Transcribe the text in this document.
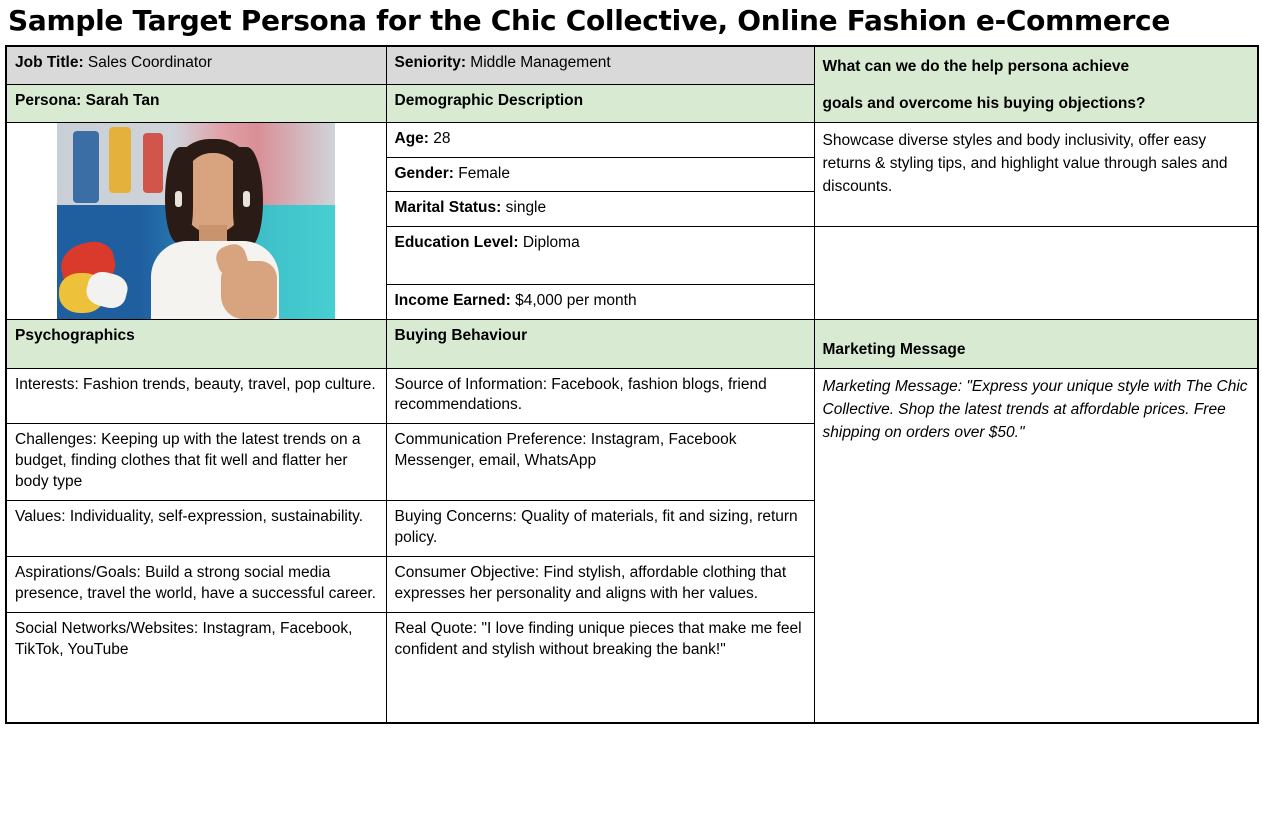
Sample Target Persona for the Chic Collective, Online Fashion e-Commerce
Job Title: Sales Coordinator	Seniority: Middle Management	What can we do the help persona achieve
goals and overcome his buying objections?

Persona: Sarah Tan	Demographic Description	

	Age: 28	Showcase diverse styles and body inclusivity, offer easy returns & styling tips, and highlight value through sales and discounts.

	Gender: Female	
	Marital Status: single	
	Education Level: Diploma	
	Income Earned: $4,000 per month	
Psychographics	Buying Behaviour	Marketing Message

Interests: Fashion trends, beauty, travel, pop culture.	Source of Information: Facebook, fashion blogs, friend recommendations.	Marketing Message: "Express your unique style with The Chic Collective. Shop the latest trends at affordable prices. Free shipping on orders over $50."

Challenges: Keeping up with the latest trends on a budget, finding clothes that fit well and flatter her body type	Communication Preference: Instagram, Facebook Messenger, email, WhatsApp	
Values: Individuality, self-expression, sustainability.	Buying Concerns: Quality of materials, fit and sizing, return policy.	
Aspirations/Goals: Build a strong social media presence, travel the world, have a successful career.	Consumer Objective: Find stylish, affordable clothing that expresses her personality and aligns with her values.	
Social Networks/Websites: Instagram, Facebook, TikTok, YouTube	Real Quote: "I love finding unique pieces that make me feel confident and stylish without breaking the bank!"	
